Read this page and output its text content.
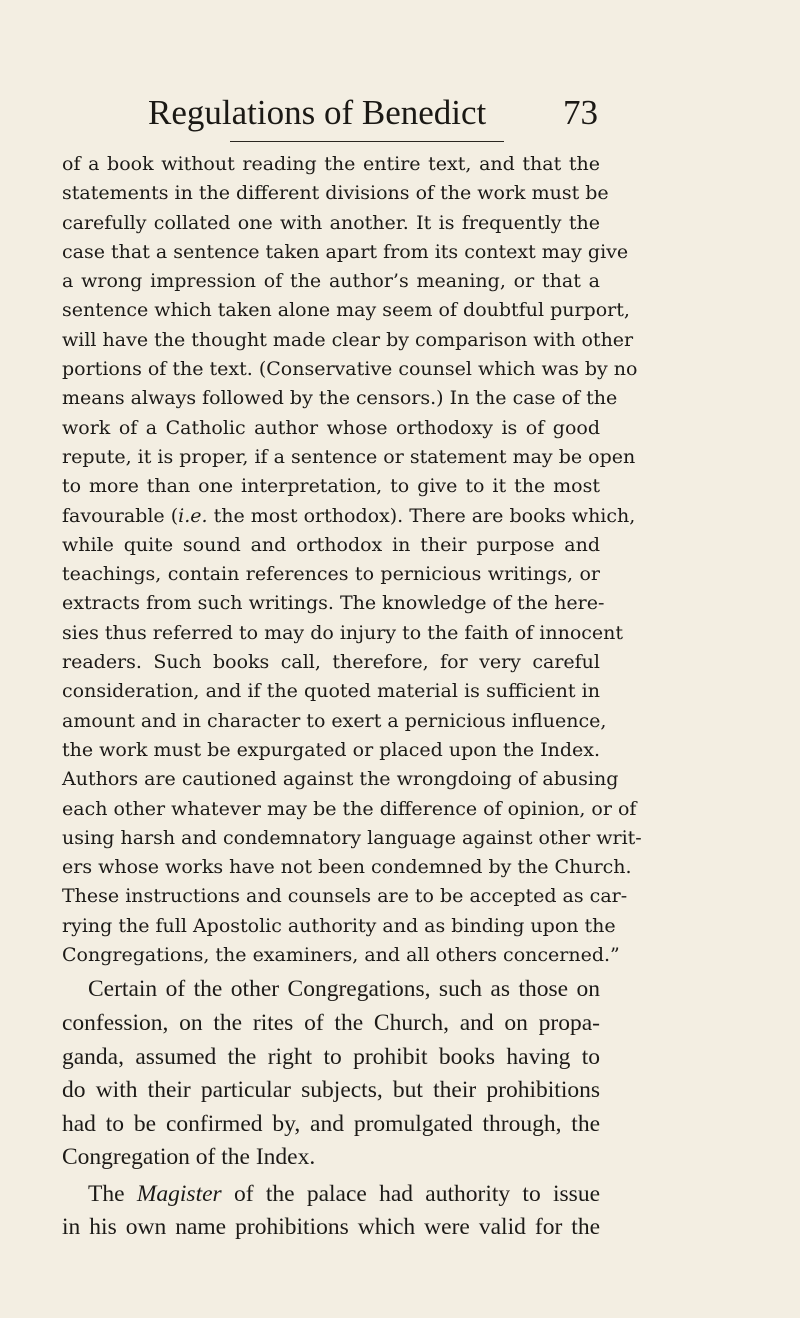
Regulations of Benedict 73
of a book without reading the entire text, and that the
statements in the different divisions of the work must be
carefully collated one with another. It is frequently the
case that a sentence taken apart from its context may give
a wrong impression of the author’s meaning, or that a
sentence which taken alone may seem of doubtful purport,
will have the thought made clear by comparison with other
portions of the text. (Conservative counsel which was by no
means always followed by the censors.) In the case of the
work of a Catholic author whose orthodoxy is of good
repute, it is proper, if a sentence or statement may be open
to more than one interpretation, to give to it the most
favourable (i.e. the most orthodox). There are books which,
while quite sound and orthodox in their purpose and
teachings, contain references to pernicious writings, or
extracts from such writings. The knowledge of the here-
sies thus referred to may do injury to the faith of innocent
readers. Such books call, therefore, for very careful
consideration, and if the quoted material is sufficient in
amount and in character to exert a pernicious influence,
the work must be expurgated or placed upon the Index.
Authors are cautioned against the wrongdoing of abusing
each other whatever may be the difference of opinion, or of
using harsh and condemnatory language against other writ-
ers whose works have not been condemned by the Church.
These instructions and counsels are to be accepted as car-
rying the full Apostolic authority and as binding upon the
Congregations, the examiners, and all others concerned.”
Certain of the other Congregations, such as those on
confession, on the rites of the Church, and on propa-
ganda, assumed the right to prohibit books having to
do with their particular subjects, but their prohibitions
had to be confirmed by, and promulgated through, the
Congregation of the Index.
The Magister of the palace had authority to issue
in his own name prohibitions which were valid for the
